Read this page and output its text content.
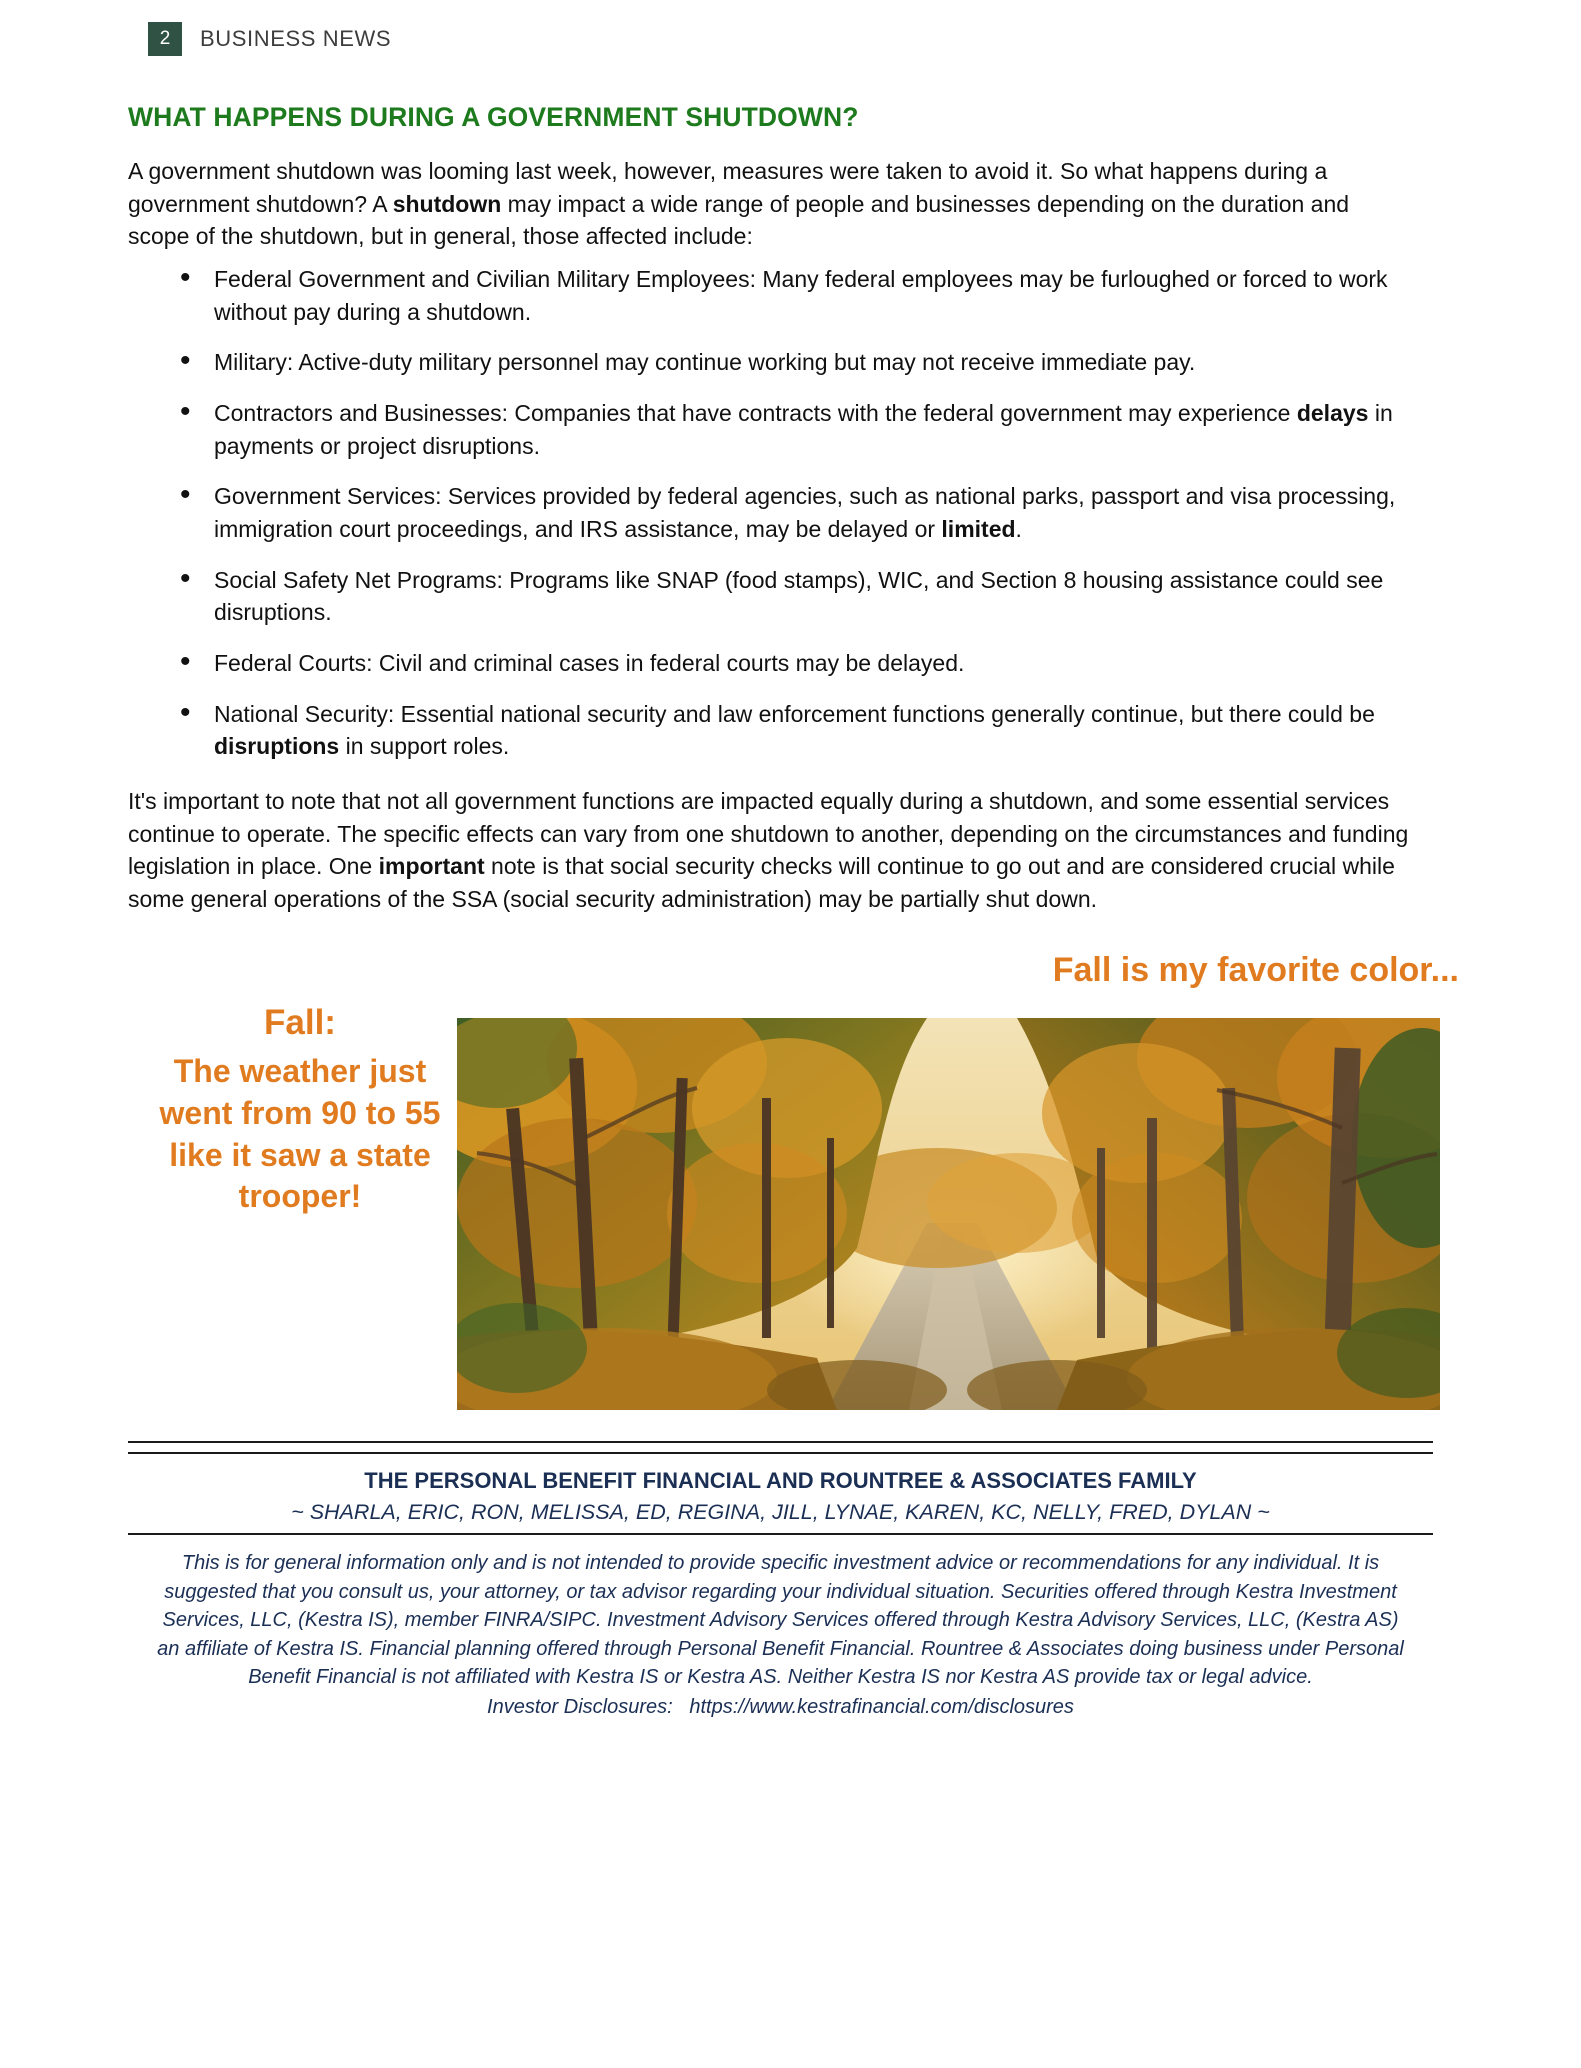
2	BUSINESS NEWS
WHAT HAPPENS DURING A GOVERNMENT SHUTDOWN?

A government shutdown was looming last week, however, measures were taken to avoid it. So what happens during a government shutdown? A shutdown may impact a wide range of people and businesses depending on the duration and scope of the shutdown, but in general, those affected include:

• Federal Government and Civilian Military Employees: Many federal employees may be furloughed or forced to work without pay during a shutdown.
• Military: Active-duty military personnel may continue working but may not receive immediate pay.
• Contractors and Businesses: Companies that have contracts with the federal government may experience delays in payments or project disruptions.
• Government Services: Services provided by federal agencies, such as national parks, passport and visa processing, immigration court proceedings, and IRS assistance, may be delayed or limited.
• Social Safety Net Programs: Programs like SNAP (food stamps), WIC, and Section 8 housing assistance could see disruptions.
• Federal Courts: Civil and criminal cases in federal courts may be delayed.
• National Security: Essential national security and law enforcement functions generally continue, but there could be disruptions in support roles.

It's important to note that not all government functions are impacted equally during a shutdown, and some essential services continue to operate. The specific effects can vary from one shutdown to another, depending on the circumstances and funding legislation in place. One important note is that social security checks will continue to go out and are considered crucial while some general operations of the SSA (social security administration) may be partially shut down.

Fall is my favorite color...
Fall:
The weather just went from 90 to 55 like it saw a state trooper!
THE PERSONAL BENEFIT FINANCIAL AND ROUNTREE & ASSOCIATES FAMILY
~ SHARLA, ERIC, RON, MELISSA, ED, REGINA, JILL, LYNAE, KAREN, KC, NELLY, FRED, DYLAN ~
This is for general information only and is not intended to provide specific investment advice or recommendations for any individual. It is suggested that you consult us, your attorney, or tax advisor regarding your individual situation. Securities offered through Kestra Investment Services, LLC, (Kestra IS), member FINRA/SIPC. Investment Advisory Services offered through Kestra Advisory Services, LLC, (Kestra AS) an affiliate of Kestra IS. Financial planning offered through Personal Benefit Financial. Rountree & Associates doing business under Personal Benefit Financial is not affiliated with Kestra IS or Kestra AS. Neither Kestra IS nor Kestra AS provide tax or legal advice.
Investor Disclosures: https://www.kestrafinancial.com/disclosures
